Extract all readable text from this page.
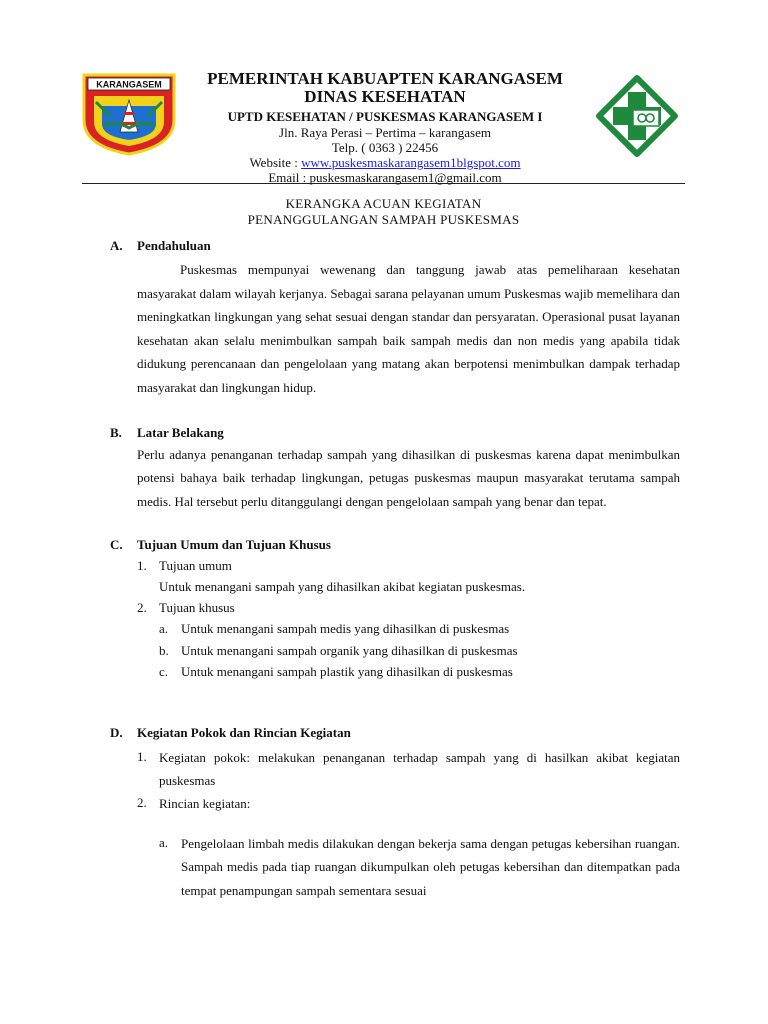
KARANGASEM	PEMERINTAH KABUAPTEN KARANGASEM
DINAS KESEHATAN
UPTD KESEHATAN / PUSKESMAS KARANGASEM I
Jln. Raya Perasi – Pertima – karangasem
Telp. ( 0363 ) 22456
Website : www.puskesmaskarangasem1blgspot.com
Email : puskesmaskarangasem1@gmail.com
KERANGKA ACUAN KEGIATAN
PENANGGULANGAN SAMPAH PUSKESMAS
A.	Pendahuluan
Puskesmas mempunyai wewenang dan tanggung jawab atas pemeliharaan kesehatan masyarakat dalam wilayah kerjanya. Sebagai sarana pelayanan umum Puskesmas wajib memelihara dan meningkatkan lingkungan yang sehat sesuai dengan standar dan persyaratan. Operasional pusat layanan kesehatan akan selalu menimbulkan sampah baik sampah medis dan non medis yang apabila tidak didukung perencanaan dan pengelolaan yang matang akan berpotensi menimbulkan dampak terhadap masyarakat dan lingkungan hidup.
B.	Latar Belakang
Perlu adanya penanganan terhadap sampah yang dihasilkan di puskesmas karena dapat menimbulkan potensi bahaya baik terhadap lingkungan, petugas puskesmas maupun masyarakat terutama sampah medis. Hal tersebut perlu ditanggulangi dengan pengelolaan sampah yang benar dan tepat.
C.	Tujuan Umum dan Tujuan Khusus
1. Tujuan umum
Untuk menangani sampah yang dihasilkan akibat kegiatan puskesmas.
2. Tujuan khusus
a. Untuk menangani sampah medis yang dihasilkan di puskesmas
b. Untuk menangani sampah organik yang dihasilkan di puskesmas
c. Untuk menangani sampah plastik yang dihasilkan di puskesmas
D.	Kegiatan Pokok dan Rincian Kegiatan
1. Kegiatan pokok: melakukan penanganan terhadap sampah yang di hasilkan akibat kegiatan puskesmas
2. Rincian kegiatan:
a. Pengelolaan limbah medis dilakukan dengan bekerja sama dengan petugas kebersihan ruangan. Sampah medis pada tiap ruangan dikumpulkan oleh petugas kebersihan dan ditempatkan pada tempat penampungan sampah sementara sesuai
